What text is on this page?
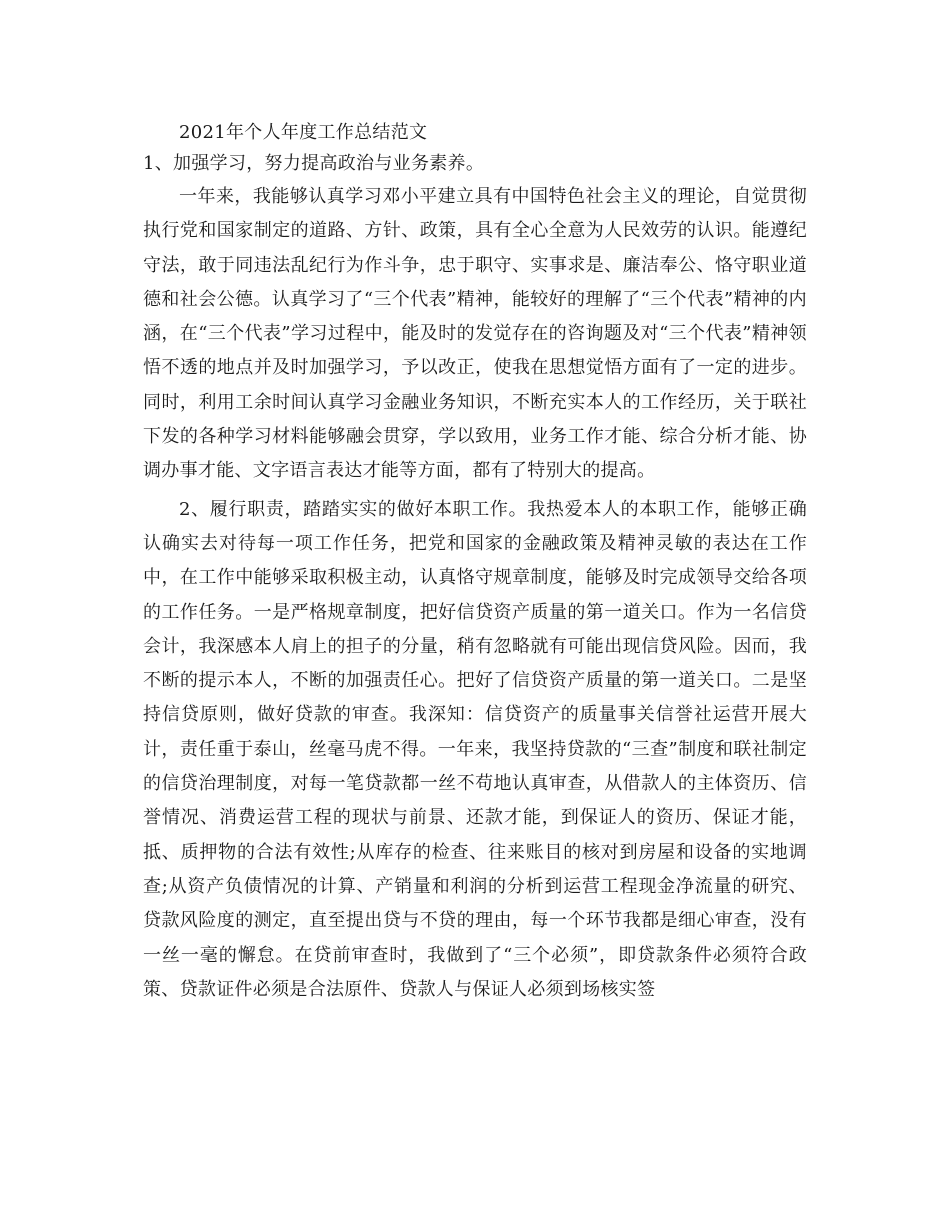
2021年个人年度工作总结范文

1、加强学习，努力提高政治与业务素养。

一年来，我能够认真学习邓小平建立具有中国特色社会主义的理论，自觉贯彻执行党和国家制定的道路、方针、政策，具有全心全意为人民效劳的认识。能遵纪守法，敢于同违法乱纪行为作斗争，忠于职守、实事求是、廉洁奉公、恪守职业道德和社会公德。认真学习了“三个代表”精神，能较好的理解了“三个代表”精神的内涵，在“三个代表”学习过程中，能及时的发觉存在的咨询题及对“三个代表”精神领悟不透的地点并及时加强学习，予以改正，使我在思想觉悟方面有了一定的进步。同时，利用工余时间认真学习金融业务知识，不断充实本人的工作经历，关于联社下发的各种学习材料能够融会贯穿，学以致用，业务工作才能、综合分析才能、协调办事才能、文字语言表达才能等方面，都有了特别大的提高。

2、履行职责，踏踏实实的做好本职工作。我热爱本人的本职工作，能够正确认确实去对待每一项工作任务，把党和国家的金融政策及精神灵敏的表达在工作中，在工作中能够采取积极主动，认真恪守规章制度，能够及时完成领导交给各项的工作任务。一是严格规章制度，把好信贷资产质量的第一道关口。作为一名信贷会计，我深感本人肩上的担子的分量，稍有忽略就有可能出现信贷风险。因而，我不断的提示本人，不断的加强责任心。把好了信贷资产质量的第一道关口。二是坚持信贷原则，做好贷款的审查。我深知：信贷资产的质量事关信誉社运营开展大计，责任重于泰山，丝毫马虎不得。一年来，我坚持贷款的“三查”制度和联社制定的信贷治理制度，对每一笔贷款都一丝不苟地认真审查，从借款人的主体资历、信誉情况、消费运营工程的现状与前景、还款才能，到保证人的资历、保证才能，抵、质押物的合法有效性;从库存的检查、往来账目的核对到房屋和设备的实地调查;从资产负债情况的计算、产销量和利润的分析到运营工程现金净流量的研究、贷款风险度的测定，直至提出贷与不贷的理由，每一个环节我都是细心审查，没有一丝一毫的懈怠。在贷前审查时，我做到了“三个必须”，即贷款条件必须符合政策、贷款证件必须是合法原件、贷款人与保证人必须到场核实签
